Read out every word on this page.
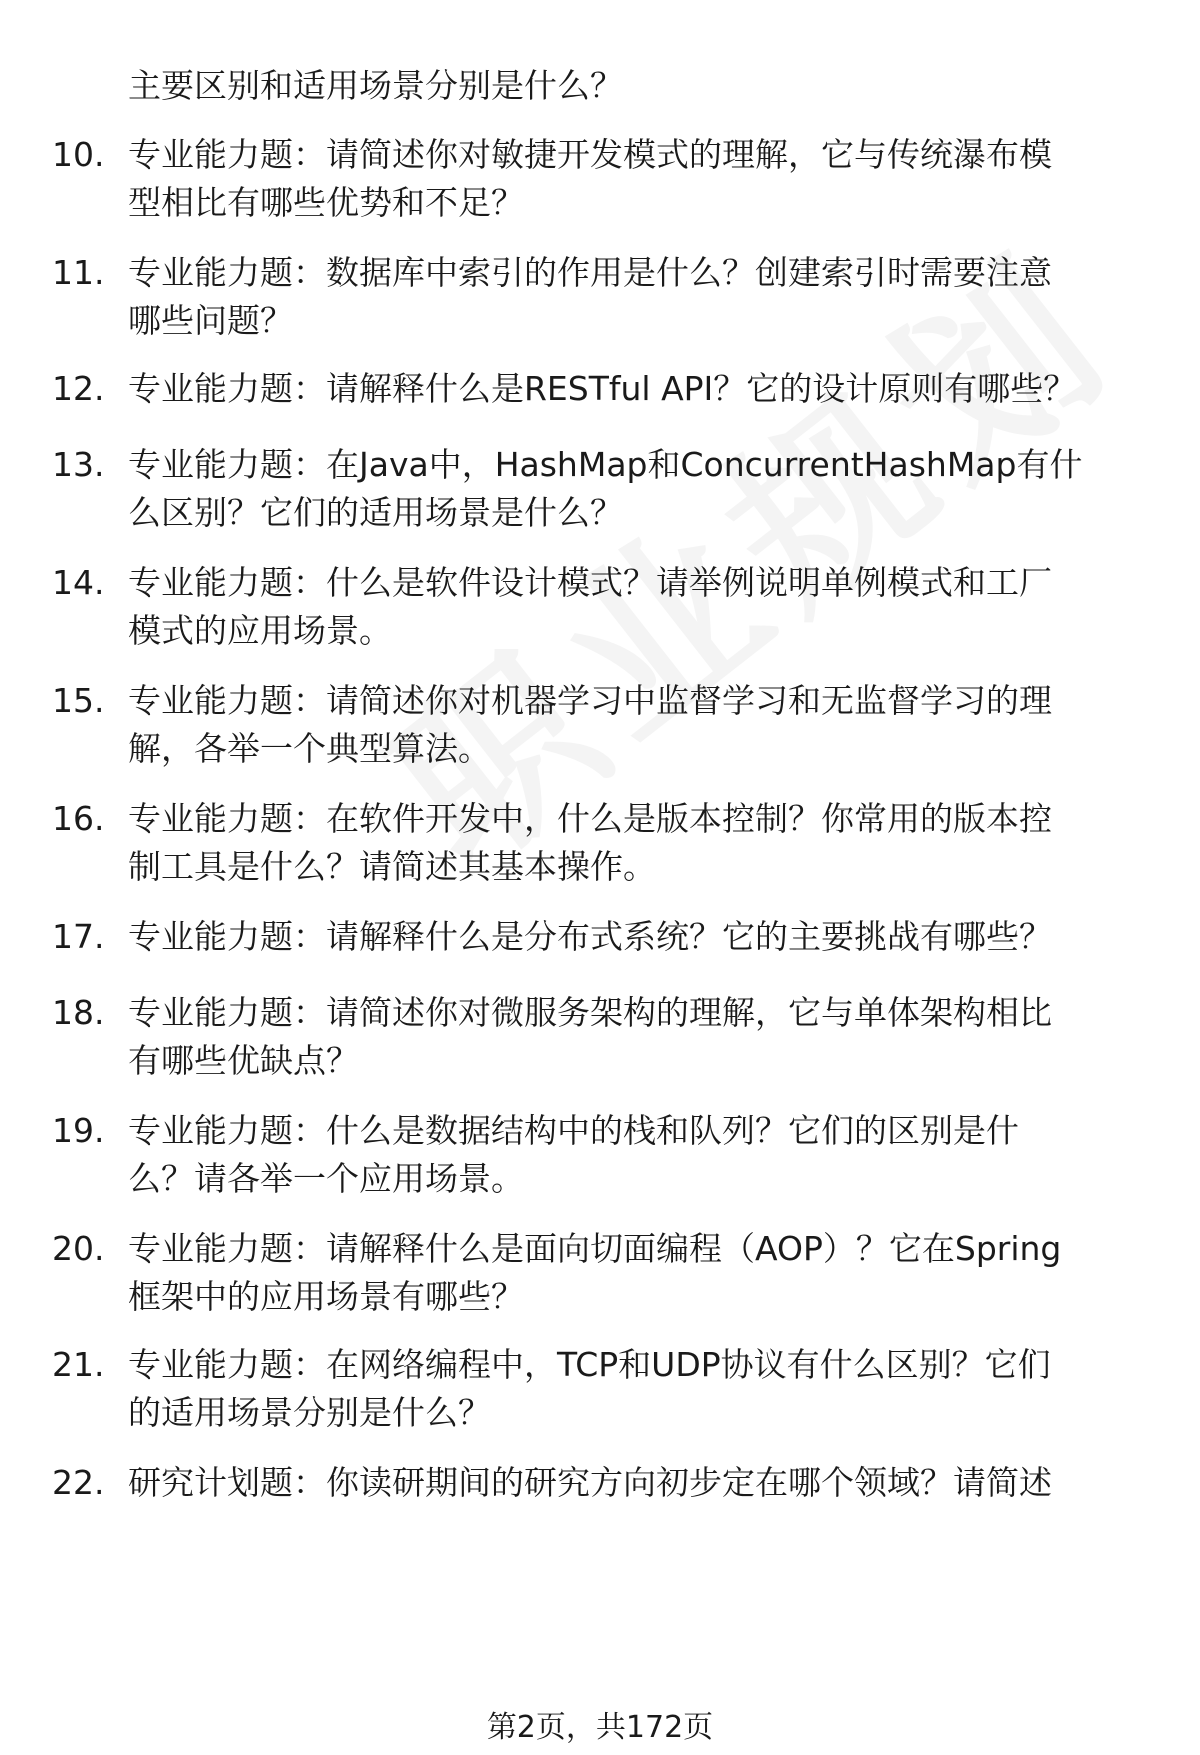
主要区别和适用场景分别是什么？
10. 专业能力题：请简述你对敏捷开发模式的理解，它与传统瀑布模
型相比有哪些优势和不足？
11. 专业能力题：数据库中索引的作用是什么？创建索引时需要注意
哪些问题？
12. 专业能力题：请解释什么是RESTful API？它的设计原则有哪些？
13. 专业能力题：在Java中，HashMap和ConcurrentHashMap有什
么区别？它们的适用场景是什么？
14. 专业能力题：什么是软件设计模式？请举例说明单例模式和工厂
模式的应用场景。
15. 专业能力题：请简述你对机器学习中监督学习和无监督学习的理
解，各举一个典型算法。
16. 专业能力题：在软件开发中，什么是版本控制？你常用的版本控
制工具是什么？请简述其基本操作。
17. 专业能力题：请解释什么是分布式系统？它的主要挑战有哪些？
18. 专业能力题：请简述你对微服务架构的理解，它与单体架构相比
有哪些优缺点？
19. 专业能力题：什么是数据结构中的栈和队列？它们的区别是什
么？请各举一个应用场景。
20. 专业能力题：请解释什么是面向切面编程（AOP）？它在Spring
框架中的应用场景有哪些？
21. 专业能力题：在网络编程中，TCP和UDP协议有什么区别？它们
的适用场景分别是什么？
22. 研究计划题：你读研期间的研究方向初步定在哪个领域？请简述
第2页，共172页
